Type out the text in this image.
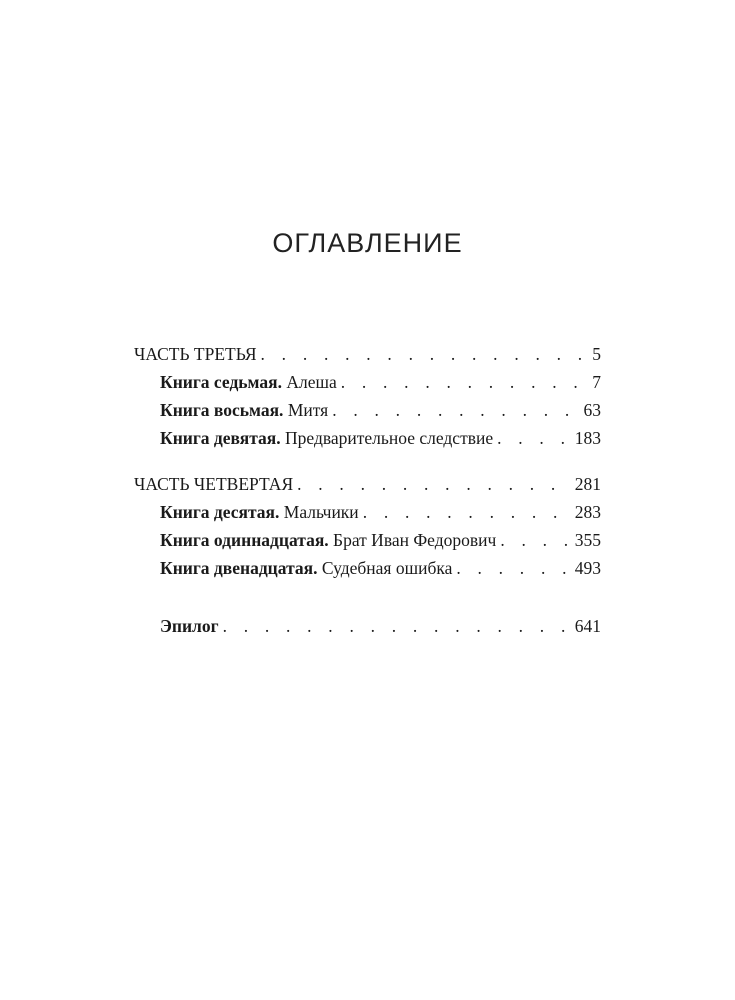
ОГЛАВЛЕНИЕ
ЧАСТЬ ТРЕТЬЯ . . .	5
Книга седьмая. Алеша . . .	7
Книга восьмая. Митя . . .	63
Книга девятая. Предварительное следствие . . .	183
ЧАСТЬ ЧЕТВЕРТАЯ . . .	281
Книга десятая. Мальчики . . .	283
Книга одиннадцатая. Брат Иван Федорович . . .	355
Книга двенадцатая. Судебная ошибка . . .	493
Эпилог . . .	641
